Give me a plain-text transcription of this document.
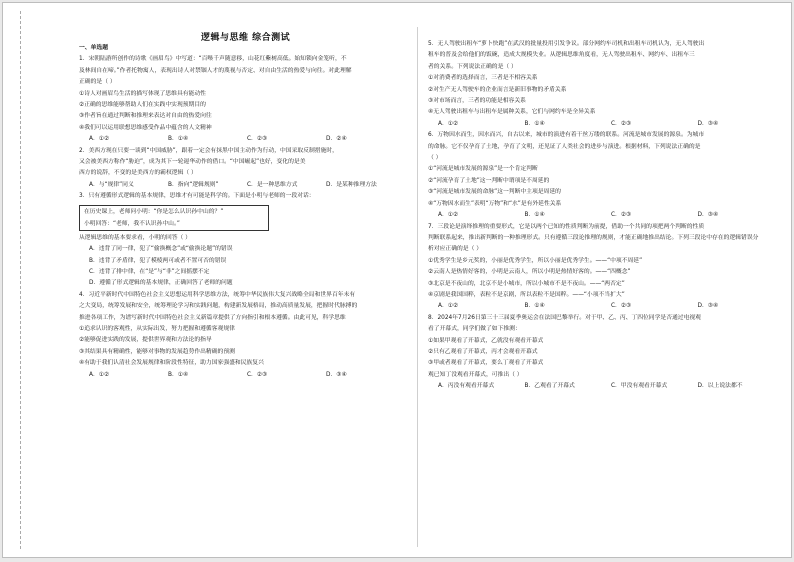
逻辑与思维 综合测试
一、单选题
1．宋朝陆游所创作的诗歌《画眉鸟》中写道：“百啭千声随意移，山花红紫树高低。始知锁向金笼听，不
及林间自在啼。”作者托物寓人，表现出诗人对禁锢人才的蔑视与否定、对自由生活的热爱与向往。对此理解
正确的是（ ）
①诗人对画眉鸟生活的描写体现了思维具有能动性
②正确的思维能够帮助人们在实践中实现预期目的
③作者旨在通过判断和推理来表达对自由的热爱向往
④我们可以运用联想思维感受作品中蕴含的人文精神
A．①②	B．①④	C．②③	D．②④
2．美西方现在只要一谈到“中国威胁”，跟着一定会有抹黑中国主动作为行动，中国采取反制措施时，
又会被美西方称作“胁迫”，成为其下一轮遏华动作的借口。“中国崛起”也好，变化的是美
西方的说辞，不变的是美西方的霸权逻辑（ ）
A．与“规律”同义	B．指向“逻辑规则”	C．是一种思维方式	D．是某种推理方法
3．只有遵循形式逻辑的基本规律，思维才有可能是科学的。下面是小明与老师的一段对话：
在历史课上，老师问小明：“你是怎么认识孙中山的？”
小明回答：“老师，我不认识孙中山。”
从逻辑思维的基本要求看，小明的回答（ ）
A．违背了同一律，犯了“偷换概念”或“偷换论题”的错误
B．违背了矛盾律，犯了模棱两可或者不置可否的错误
C．违背了排中律，在“是”与“非”之间摇摆不定
D．遵循了形式逻辑的基本规律，正确回答了老师的问题
4．习近平新时代中国特色社会主义思想运用科学思维方法，统筹中华民族伟大复兴战略全局和世界百年未有
之大变局，统筹发展和安全，统筹理论学习和实践问题，构建新发展格局，推动高质量发展，把握时代脉搏的
推进各项工作，为谱写新时代中国特色社会主义新篇章提供了方向指引和根本遵循。由此可见，科学思维
①追求认识的客观性，从实际出发，努力把握和遵循客观规律
②能够促进实践的发展，提供世界观和方法论的指导
③其结果具有精确性，能够对事物的发展趋势作出精确的预测
④有助于我们认清社会发展规律和阶段性特征，助力国家强盛和民族复兴
A．①②	B．①④	C．②③	D．③④
5．无人驾驶出租车“萝卜快跑”在武汉的批量投用引发争议。部分网约车司机和出租车司机认为，无人驾驶出
租车的普及会给他们的饭碗，造成大规模失业。从逻辑思维角度看，无人驾驶出租车、网约车、出租车三
者的关系。下列说法正确的是（ ）
①对消费者的选择而言，三者是不相容关系
②对生产无人驾驶车的企业而言是新旧事物的矛盾关系
③对市场而言，三者的功能是相容关系
④无人驾驶出租车与出租车是属种关系，它们与网约车是全异关系
A．①②	B．①④	C．②③	D．③④
6．万物因水而生，因水而兴，自古以来，城市的演进有着干丝万缕的联系。河流是城市发展的源泉。为城市
的命脉。它不仅孕育了土地，孕育了文明，还见证了人类社会的进步与演进。根据材料，下列说法正确的是
（ ）
①“河流是城市发展的源泉”是一个肯定判断
②“河流孕育了土地”这一判断中谓项是不周延的
③“河流是城市发展的命脉”这一判断中主项是周延的
④“万物因水而生”表明“万物”和“水”是有外延性关系
A．①②	B．①④	C．②③	D．③④
7．三段论是演绎推理的重要形式，它是以两个已知的性质判断为前提，借助一个共同的项把两个判断的性质
判断联系起来，推出新判断的一种推理形式。只有遵循三段论推理的规则，才能正确地推出结论。下列三段论中存在的逻辑错误分
析对应正确的是（ ）
①优秀学生是乡元奖的，小丽是优秀学生，所以小丽是优秀学生。——“中项不周延”
②云南人是热情好客的，小明是云南人，所以小明是热情好客的。——“四概念”
③北京是不夜山的，北京不是小城市，所以小城市不是不夜山。——“两否定”
④京剧是我国国粹，表粒不是京剧，所以表粒不是国粹。——“小项不当扩大”
A．①②	B．①④	C．②③	D．③④
8．2024年7月26日第三十三届夏季奥运会在法国巴黎举行。对于甲、乙、丙、丁四位同学是否通过电视观
看了开幕式，同学们做了如下推测：
①如果甲观看了开幕式，乙就没有观看开幕式
②只有乙观看了开幕式，丙才会观看开幕式
③甲或者观看了开幕式，要么丁观看了开幕式
观已知丁没观看开幕式，可推出（ ）
A．丙没有观看开幕式	B．乙观看了开幕式	C．甲没有观看开幕式	D．以上说法都不
